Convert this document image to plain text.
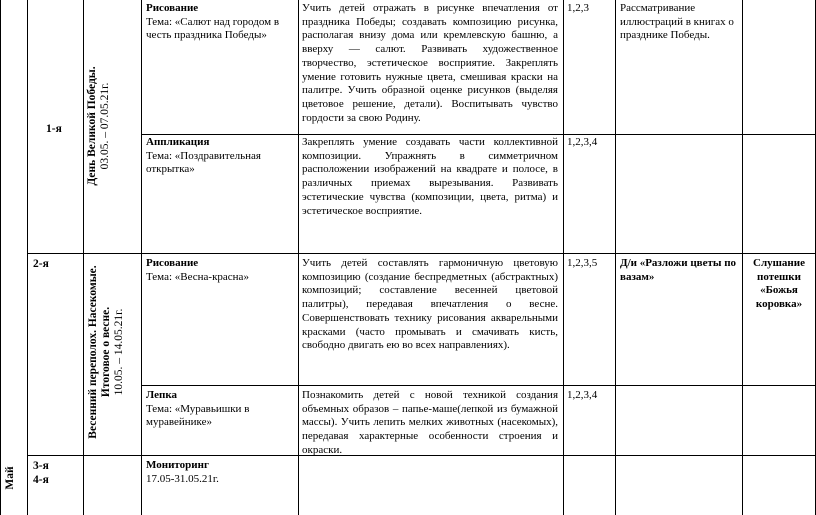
Май
1-я День Великой Победы. 03.05. – 07.05.21г.
Рисование
Тема: «Салют над городом в честь праздника Победы»
Учить детей отражать в рисунке впечатления от праздника Победы; создавать композицию рисунка, располагая внизу дома или кремлевскую башню, а вверху — салют. Развивать художественное творчество, эстетическое восприятие. Закреплять умение готовить нужные цвета, смешивая краски на палитре. Учить образной оценке рисунков (выделяя цветовое решение, детали). Воспитывать чувство гордости за свою Родину.
1,2,3	Рассматривание иллюстраций в книгах о празднике Победы.
Аппликация
Тема: «Поздравительная открытка»
Закреплять умение создавать части коллективной композиции. Упражнять в симметричном расположении изображений на квадрате и полосе, в различных приемах вырезывания. Развивать эстетические чувства (композиции, цвета, ритма) и эстетическое восприятие.
1,2,3,4
2-я
Весенний переполох. Насекомые. Итоговое о весне. 10.05. – 14.05.21г.
Рисование
Тема: «Весна-красна»
Учить детей составлять гармоничную цветовую композицию (создание беспредметных (абстрактных) композиций; составление весенней цветовой палитры), передавая впечатления о весне. Совершенствовать технику рисования акварельными красками (часто промывать и смачивать кисть, свободно двигать ею во всех направлениях).
1,2,3,5 Д/и «Разложи цветы по вазам»
Слушание потешки «Божья коровка»
Лепка
Тема: «Муравьишки в муравейнике»
Познакомить детей с новой техникой создания объемных образов – папье-маше(лепкой из бумажной массы). Учить лепить мелких животных (насекомых), передавая характерные особенности строения и окраски.
1,2,3,4
3-я
4-я
Мониторинг
17.05-31.05.21г.
